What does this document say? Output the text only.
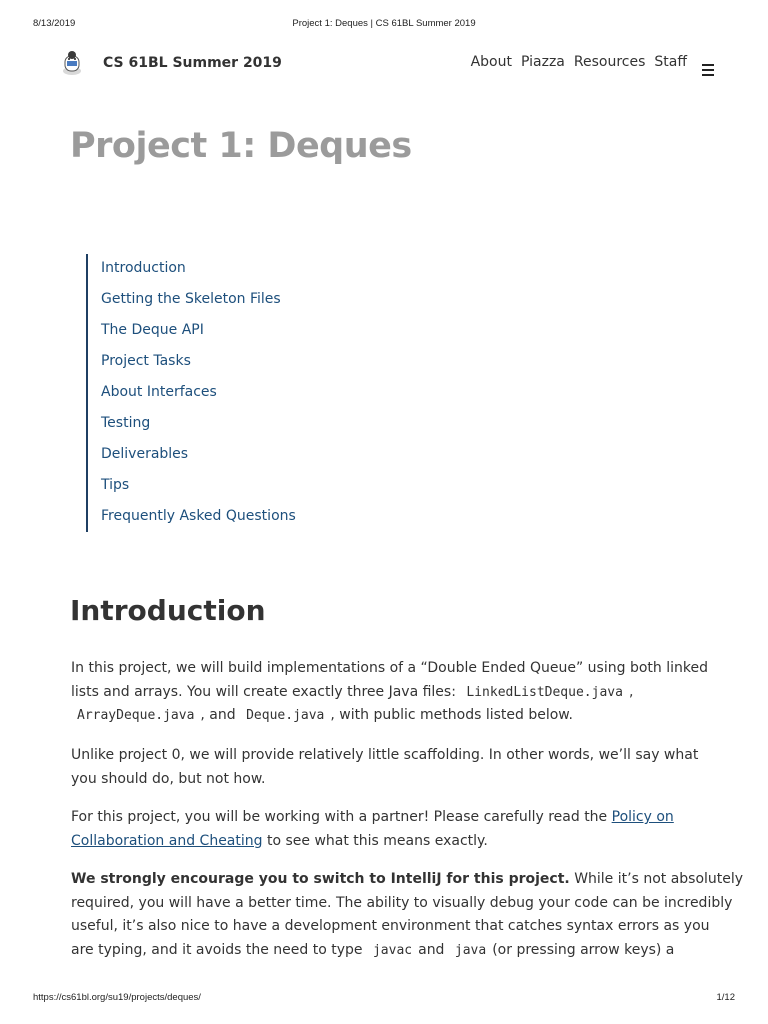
8/13/2019	Project 1: Deques | CS 61BL Summer 2019
CS 61BL Summer 2019	About Piazza Resources Staff
Project 1: Deques
Introduction
Getting the Skeleton Files
The Deque API
Project Tasks
About Interfaces
Testing
Deliverables
Tips
Frequently Asked Questions
Introduction

In this project, we will build implementations of a “Double Ended Queue” using both linked
lists and arrays. You will create exactly three Java files: LinkedListDeque.java ,
ArrayDeque.java , and Deque.java , with public methods listed below.

Unlike project 0, we will provide relatively little scaffolding. In other words, we’ll say what
you should do, but not how.

For this project, you will be working with a partner! Please carefully read the Policy on
Collaboration and Cheating to see what this means exactly.

We strongly encourage you to switch to IntelliJ for this project. While it’s not absolutely
required, you will have a better time. The ability to visually debug your code can be incredibly
useful, it’s also nice to have a development environment that catches syntax errors as you
are typing, and it avoids the need to type javac and java (or pressing arrow keys) a

https://cs61bl.org/su19/projects/deques/	1/12
